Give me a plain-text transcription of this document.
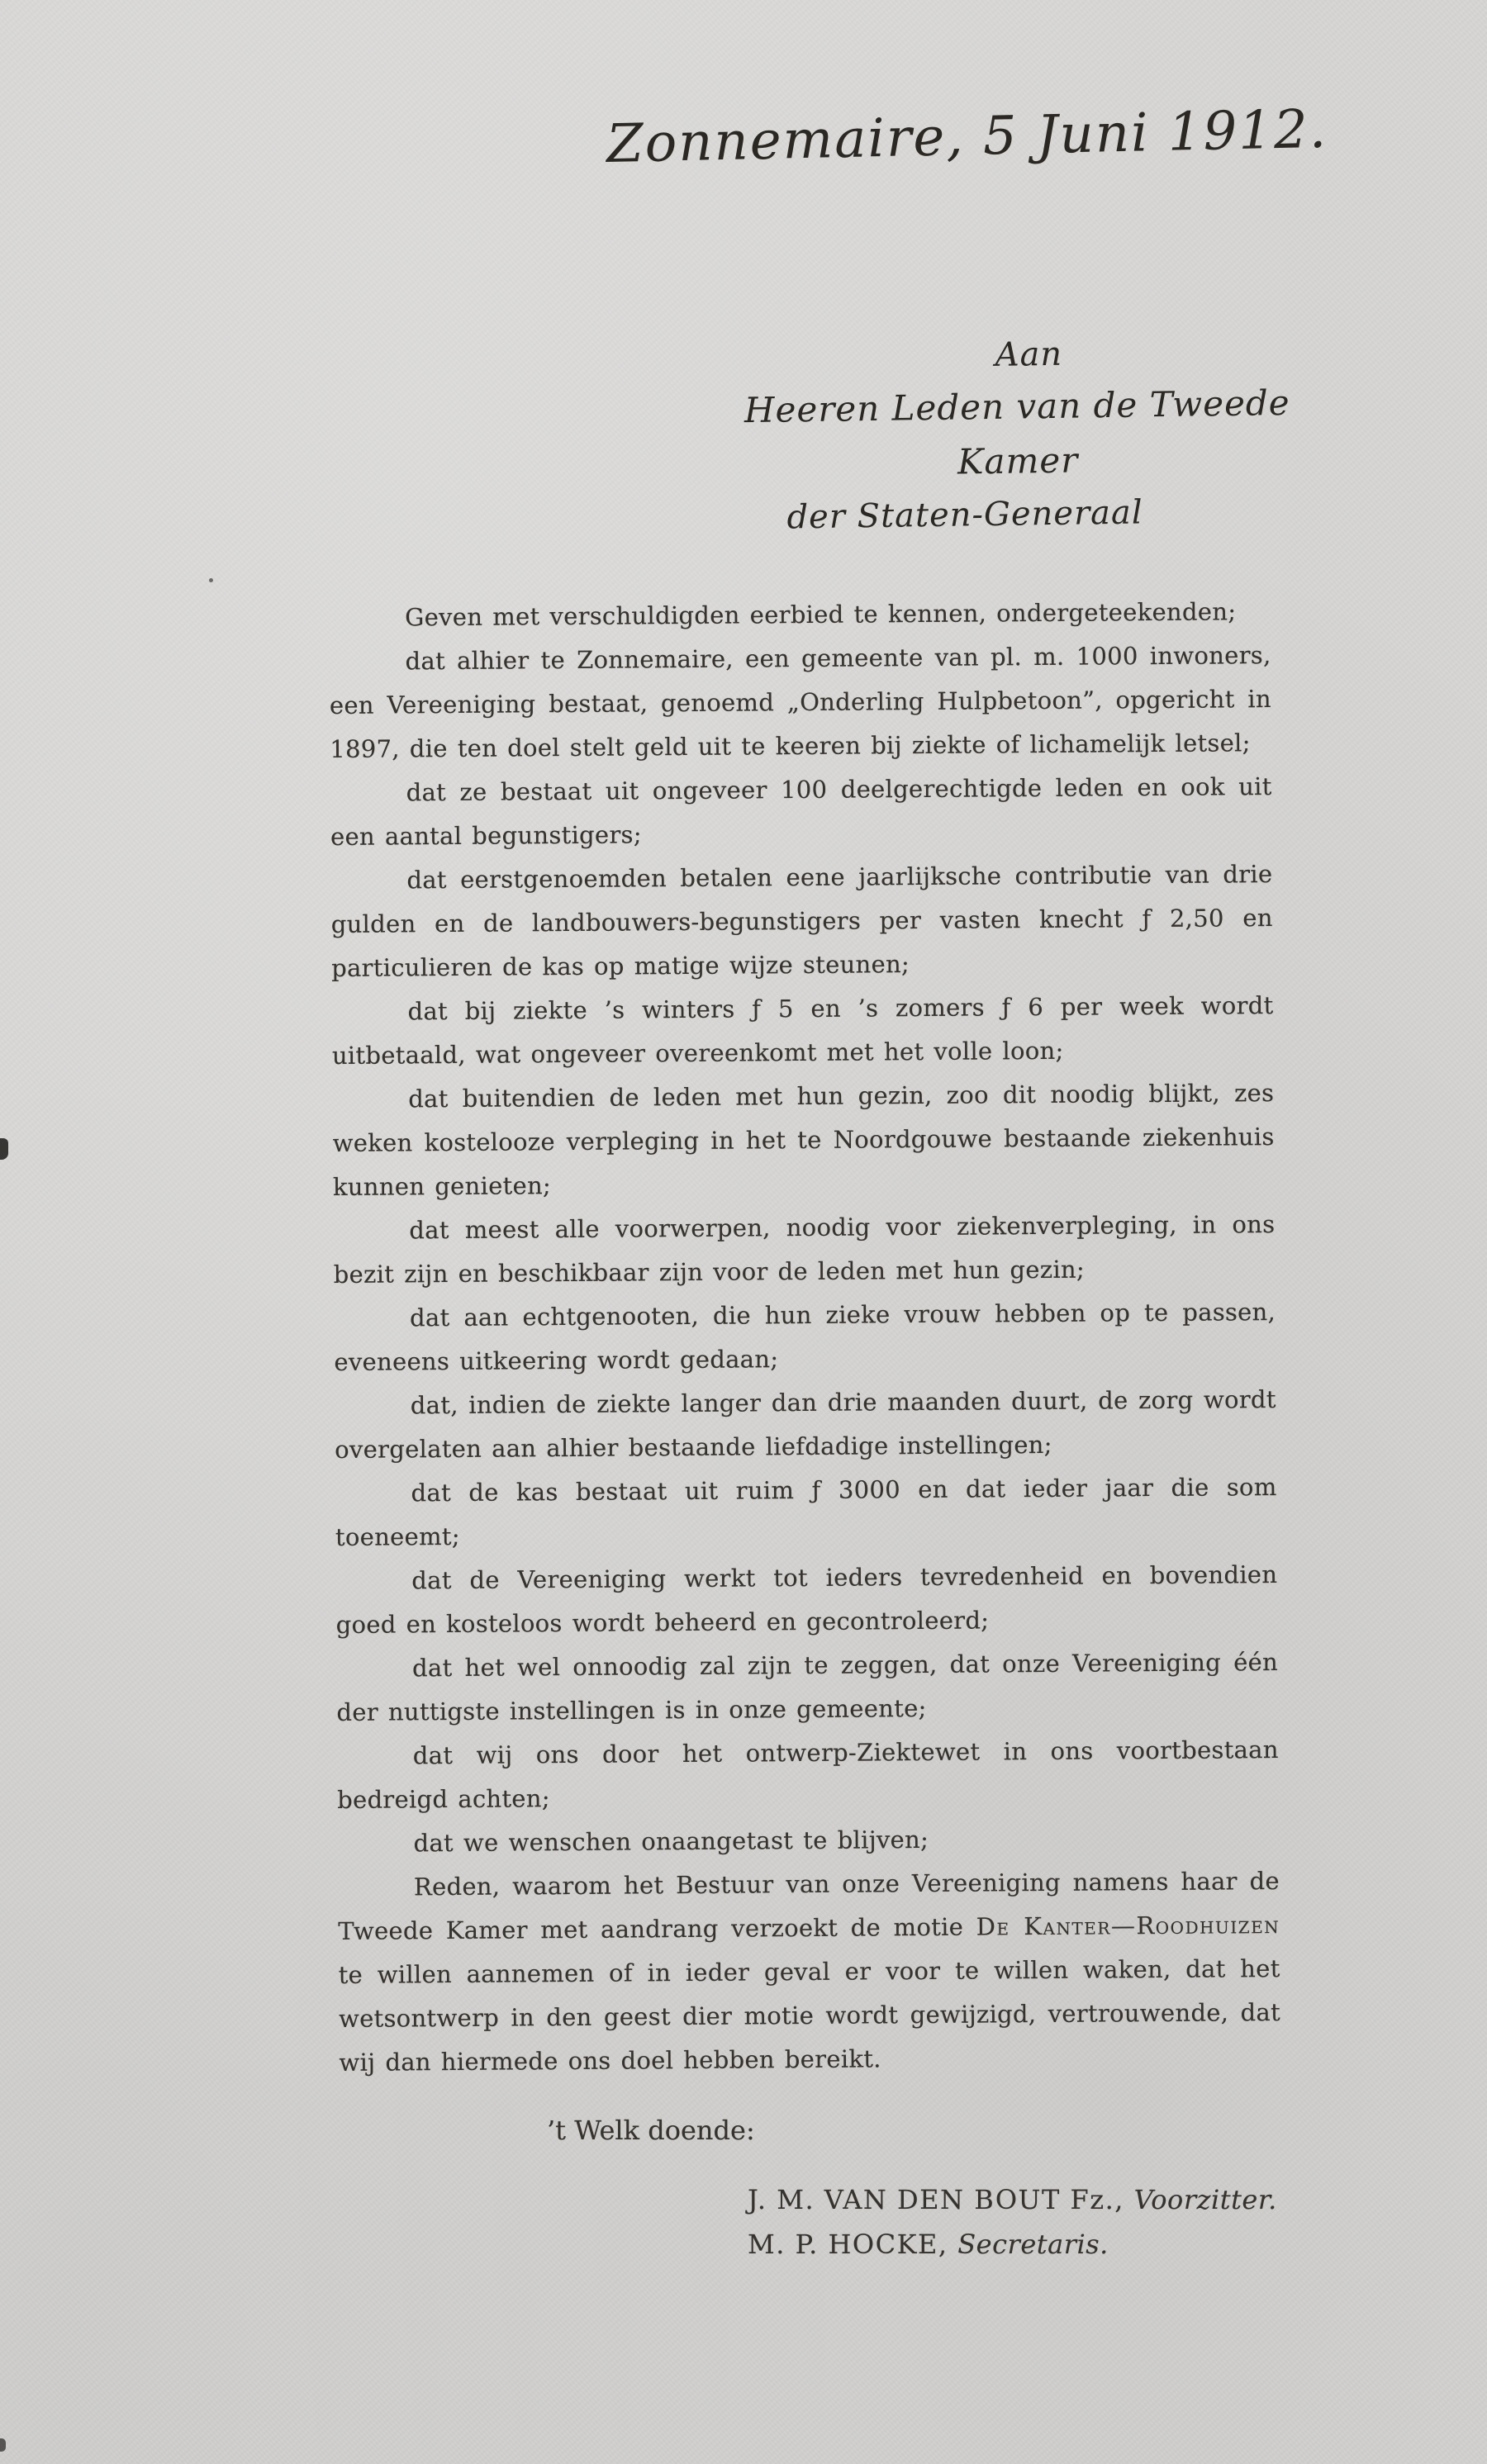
Zonnemaire, 5 Juni 1912.
Aan
Heeren Leden van de Tweede Kamer
der Staten-Generaal

Geven met verschuldigden eerbied te kennen, ondergeteekenden;

dat alhier te Zonnemaire, een gemeente van pl. m. 1000 inwoners, een Vereeniging bestaat, genoemd „Onderling Hulpbetoon”, opgericht in 1897, die ten doel stelt geld uit te keeren bij ziekte of lichamelijk letsel;

dat ze bestaat uit ongeveer 100 deelgerechtigde leden en ook uit een aantal begunstigers;

dat eerstgenoemden betalen eene jaarlijksche contributie van drie gulden en de landbouwers-begunstigers per vasten knecht ƒ 2,50 en particulieren de kas op matige wijze steunen;

dat bij ziekte ’s winters ƒ 5 en ’s zomers ƒ 6 per week wordt uitbetaald, wat ongeveer overeenkomt met het volle loon;

dat buitendien de leden met hun gezin, zoo dit noodig blijkt, zes weken kostelooze verpleging in het te Noordgouwe bestaande ziekenhuis kunnen genieten;

dat meest alle voorwerpen, noodig voor ziekenverpleging, in ons bezit zijn en beschikbaar zijn voor de leden met hun gezin;

dat aan echtgenooten, die hun zieke vrouw hebben op te passen, eveneens uitkeering wordt gedaan;

dat, indien de ziekte langer dan drie maanden duurt, de zorg wordt overgelaten aan alhier bestaande liefdadige instellingen;

dat de kas bestaat uit ruim ƒ 3000 en dat ieder jaar die som toeneemt;

dat de Vereeniging werkt tot ieders tevredenheid en bovendien goed en kosteloos wordt beheerd en gecontroleerd;

dat het wel onnoodig zal zijn te zeggen, dat onze Vereeniging één der nuttigste instellingen is in onze gemeente;

dat wij ons door het ontwerp-Ziektewet in ons voortbestaan bedreigd achten;

dat we wenschen onaangetast te blijven;

Reden, waarom het Bestuur van onze Vereeniging namens haar de Tweede Kamer met aandrang verzoekt de motie De Kanter—Roodhuizen te willen aannemen of in ieder geval er voor te willen waken, dat het wetsontwerp in den geest dier motie wordt gewijzigd, vertrouwende, dat wij dan hiermede ons doel hebben bereikt.

’t Welk doende:
J. M. VAN DEN BOUT Fz., Voorzitter.
M. P. HOCKE, Secretaris.
